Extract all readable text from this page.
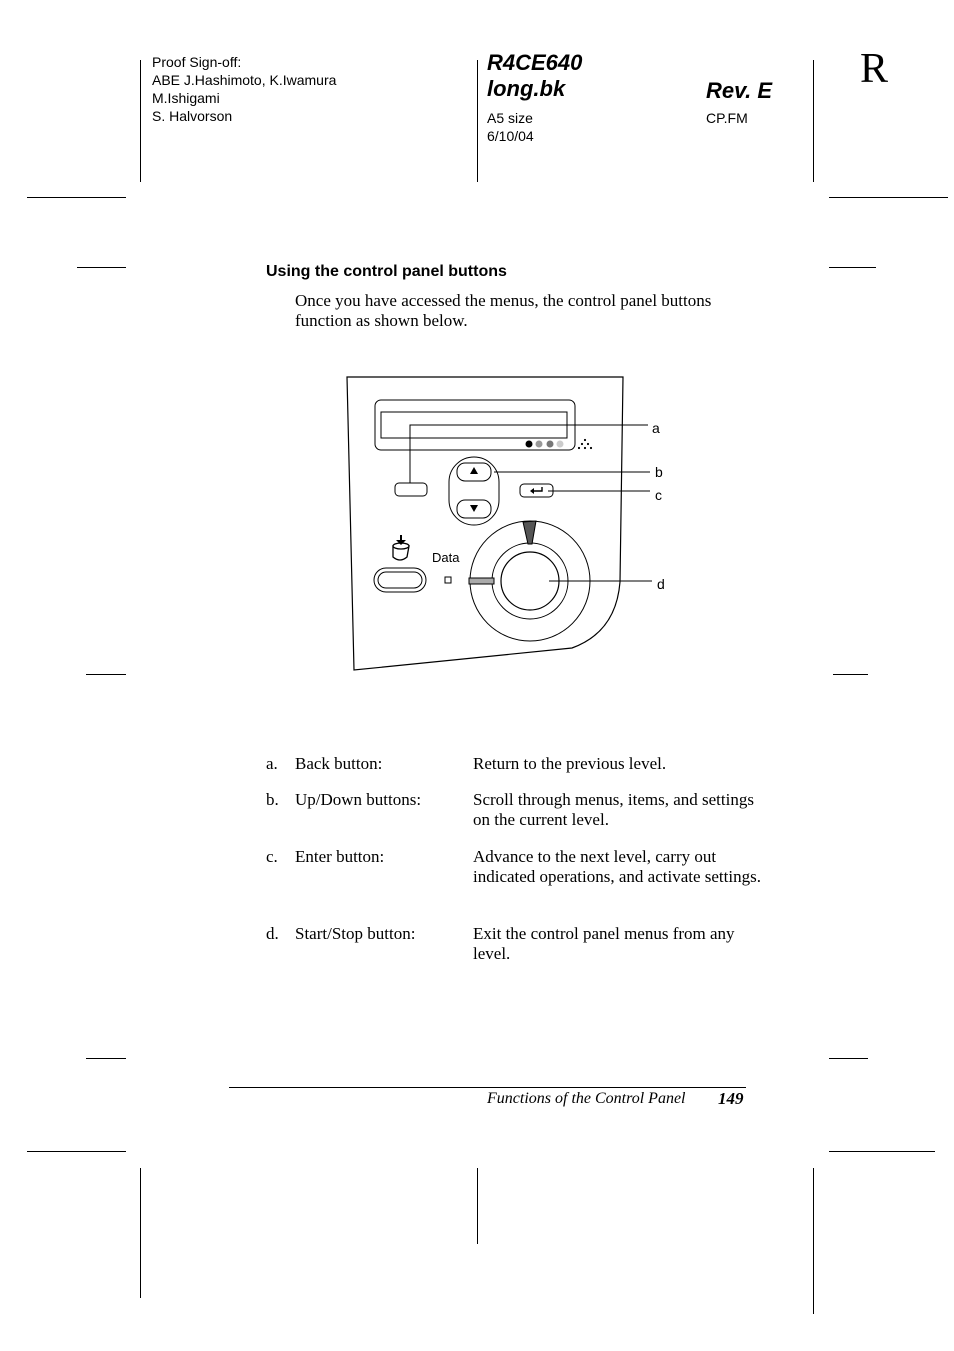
Proof Sign-off:
ABE J.Hashimoto, K.Iwamura
M.Ishigami
S. Halvorson
R4CE640
long.bk	Rev. E
A5 size
6/10/04
CP.FM
R
Using the control panel buttons
Once you have accessed the menus, the control panel buttons function as shown below.
a
b
c
d
Data
a. Back button:	Return to the previous level.
b. Up/Down buttons:	Scroll through menus, items, and settings on the current level.
c. Enter button:	Advance to the next level, carry out indicated operations, and activate settings.
d. Start/Stop button:	Exit the control panel menus from any level.
Functions of the Control Panel 149
